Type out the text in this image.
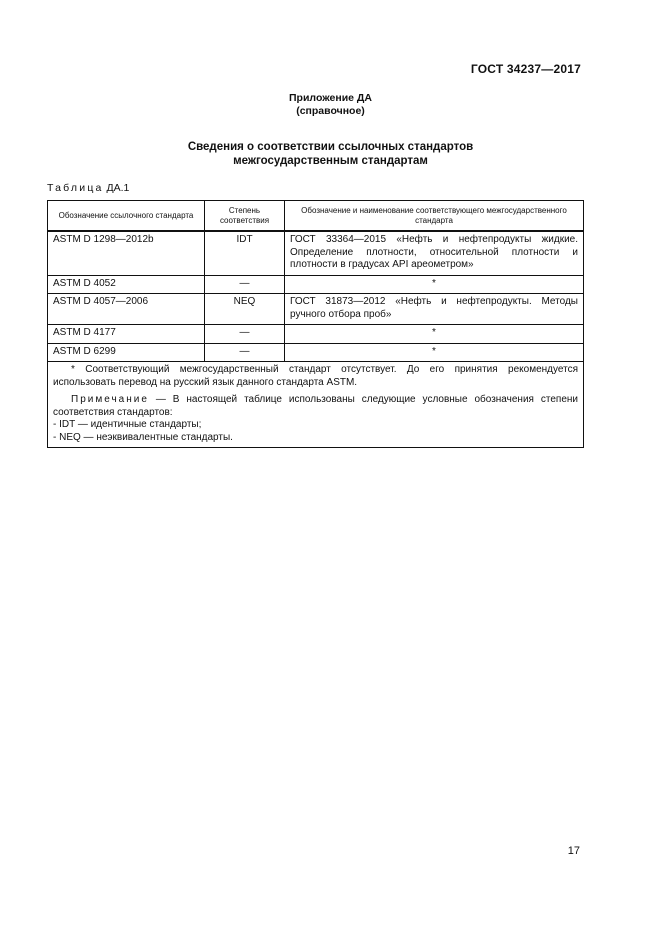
ГОСТ 34237—2017
Приложение ДА
(справочное)
Сведения о соответствии ссылочных стандартов
межгосударственным стандартам
Таблица ДА.1
Обозначение ссылочного стандарта	Степень соответствия	Обозначение и наименование соответствующего межгосударственного стандарта
ASTM D 1298—2012b	IDT	ГОСТ 33364—2015 «Нефть и нефтепродукты жидкие. Определение плотности, относительной плотности и плотности в градусах API ареометром»
ASTM D 4052	—	*
ASTM D 4057—2006	NEQ	ГОСТ 31873—2012 «Нефть и нефтепродукты. Методы ручного отбора проб»
ASTM D 4177	—	*
ASTM D 6299	—	*

* Соответствующий межгосударственный стандарт отсутствует. До его принятия рекомендуется использовать перевод на русский язык данного стандарта ASTM.

Примечание — В настоящей таблице использованы следующие условные обозначения степени соответствия стандартов:

- IDT — идентичные стандарты;
- NEQ — неэквивалентные стандарты.		
17
